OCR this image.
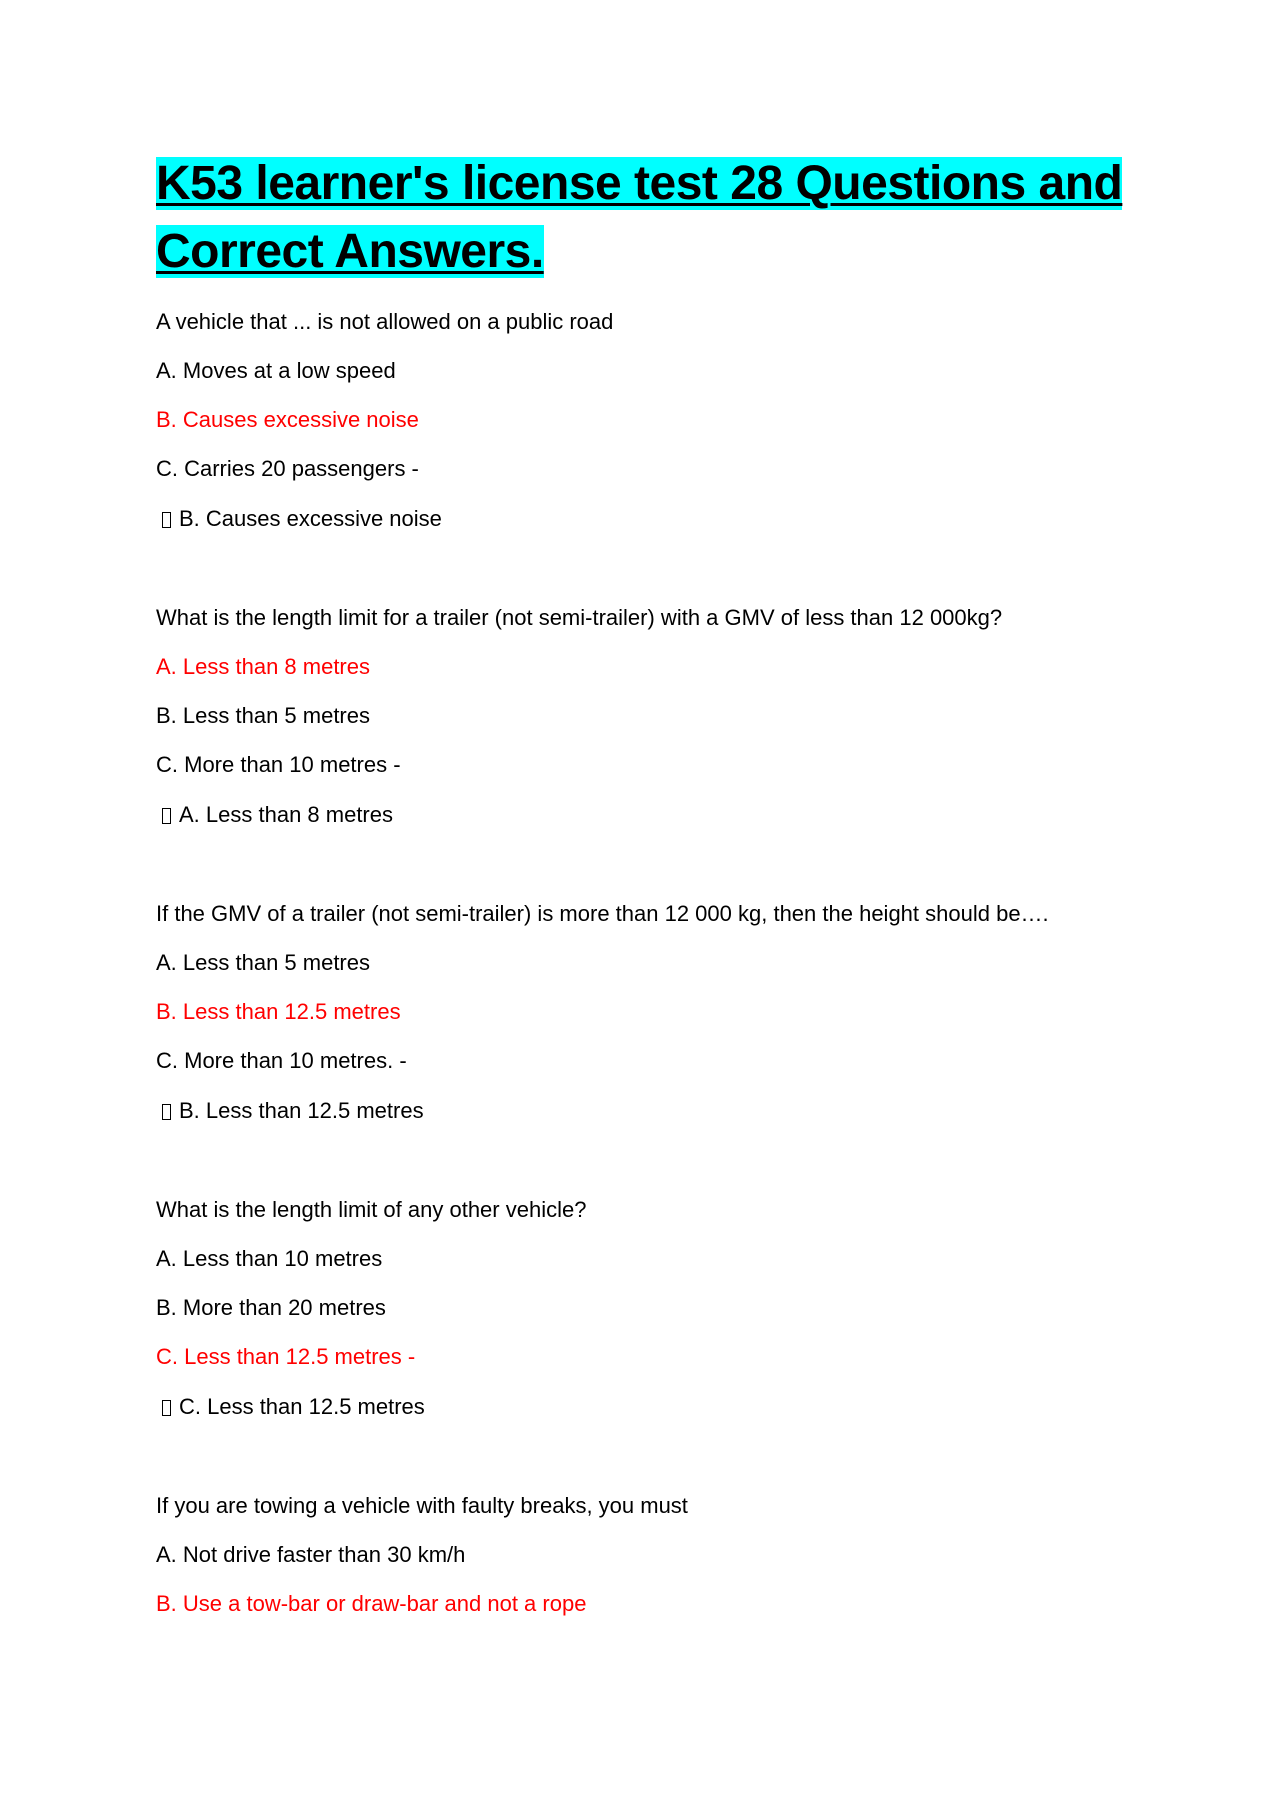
K53 learner's license test 28 Questions and Correct Answers.

A vehicle that ... is not allowed on a public road

A. Moves at a low speed

B. Causes excessive noise

C. Carries 20 passengers -

B. Causes excessive noise

What is the length limit for a trailer (not semi-trailer) with a GMV of less than 12 000kg?

A. Less than 8 metres

B. Less than 5 metres

C. More than 10 metres -

A. Less than 8 metres

If the GMV of a trailer (not semi-trailer) is more than 12 000 kg, then the height should be….

A. Less than 5 metres

B. Less than 12.5 metres

C. More than 10 metres. -

B. Less than 12.5 metres

What is the length limit of any other vehicle?

A. Less than 10 metres

B. More than 20 metres

C. Less than 12.5 metres -

C. Less than 12.5 metres

If you are towing a vehicle with faulty breaks, you must

A. Not drive faster than 30 km/h

B. Use a tow-bar or draw-bar and not a rope
